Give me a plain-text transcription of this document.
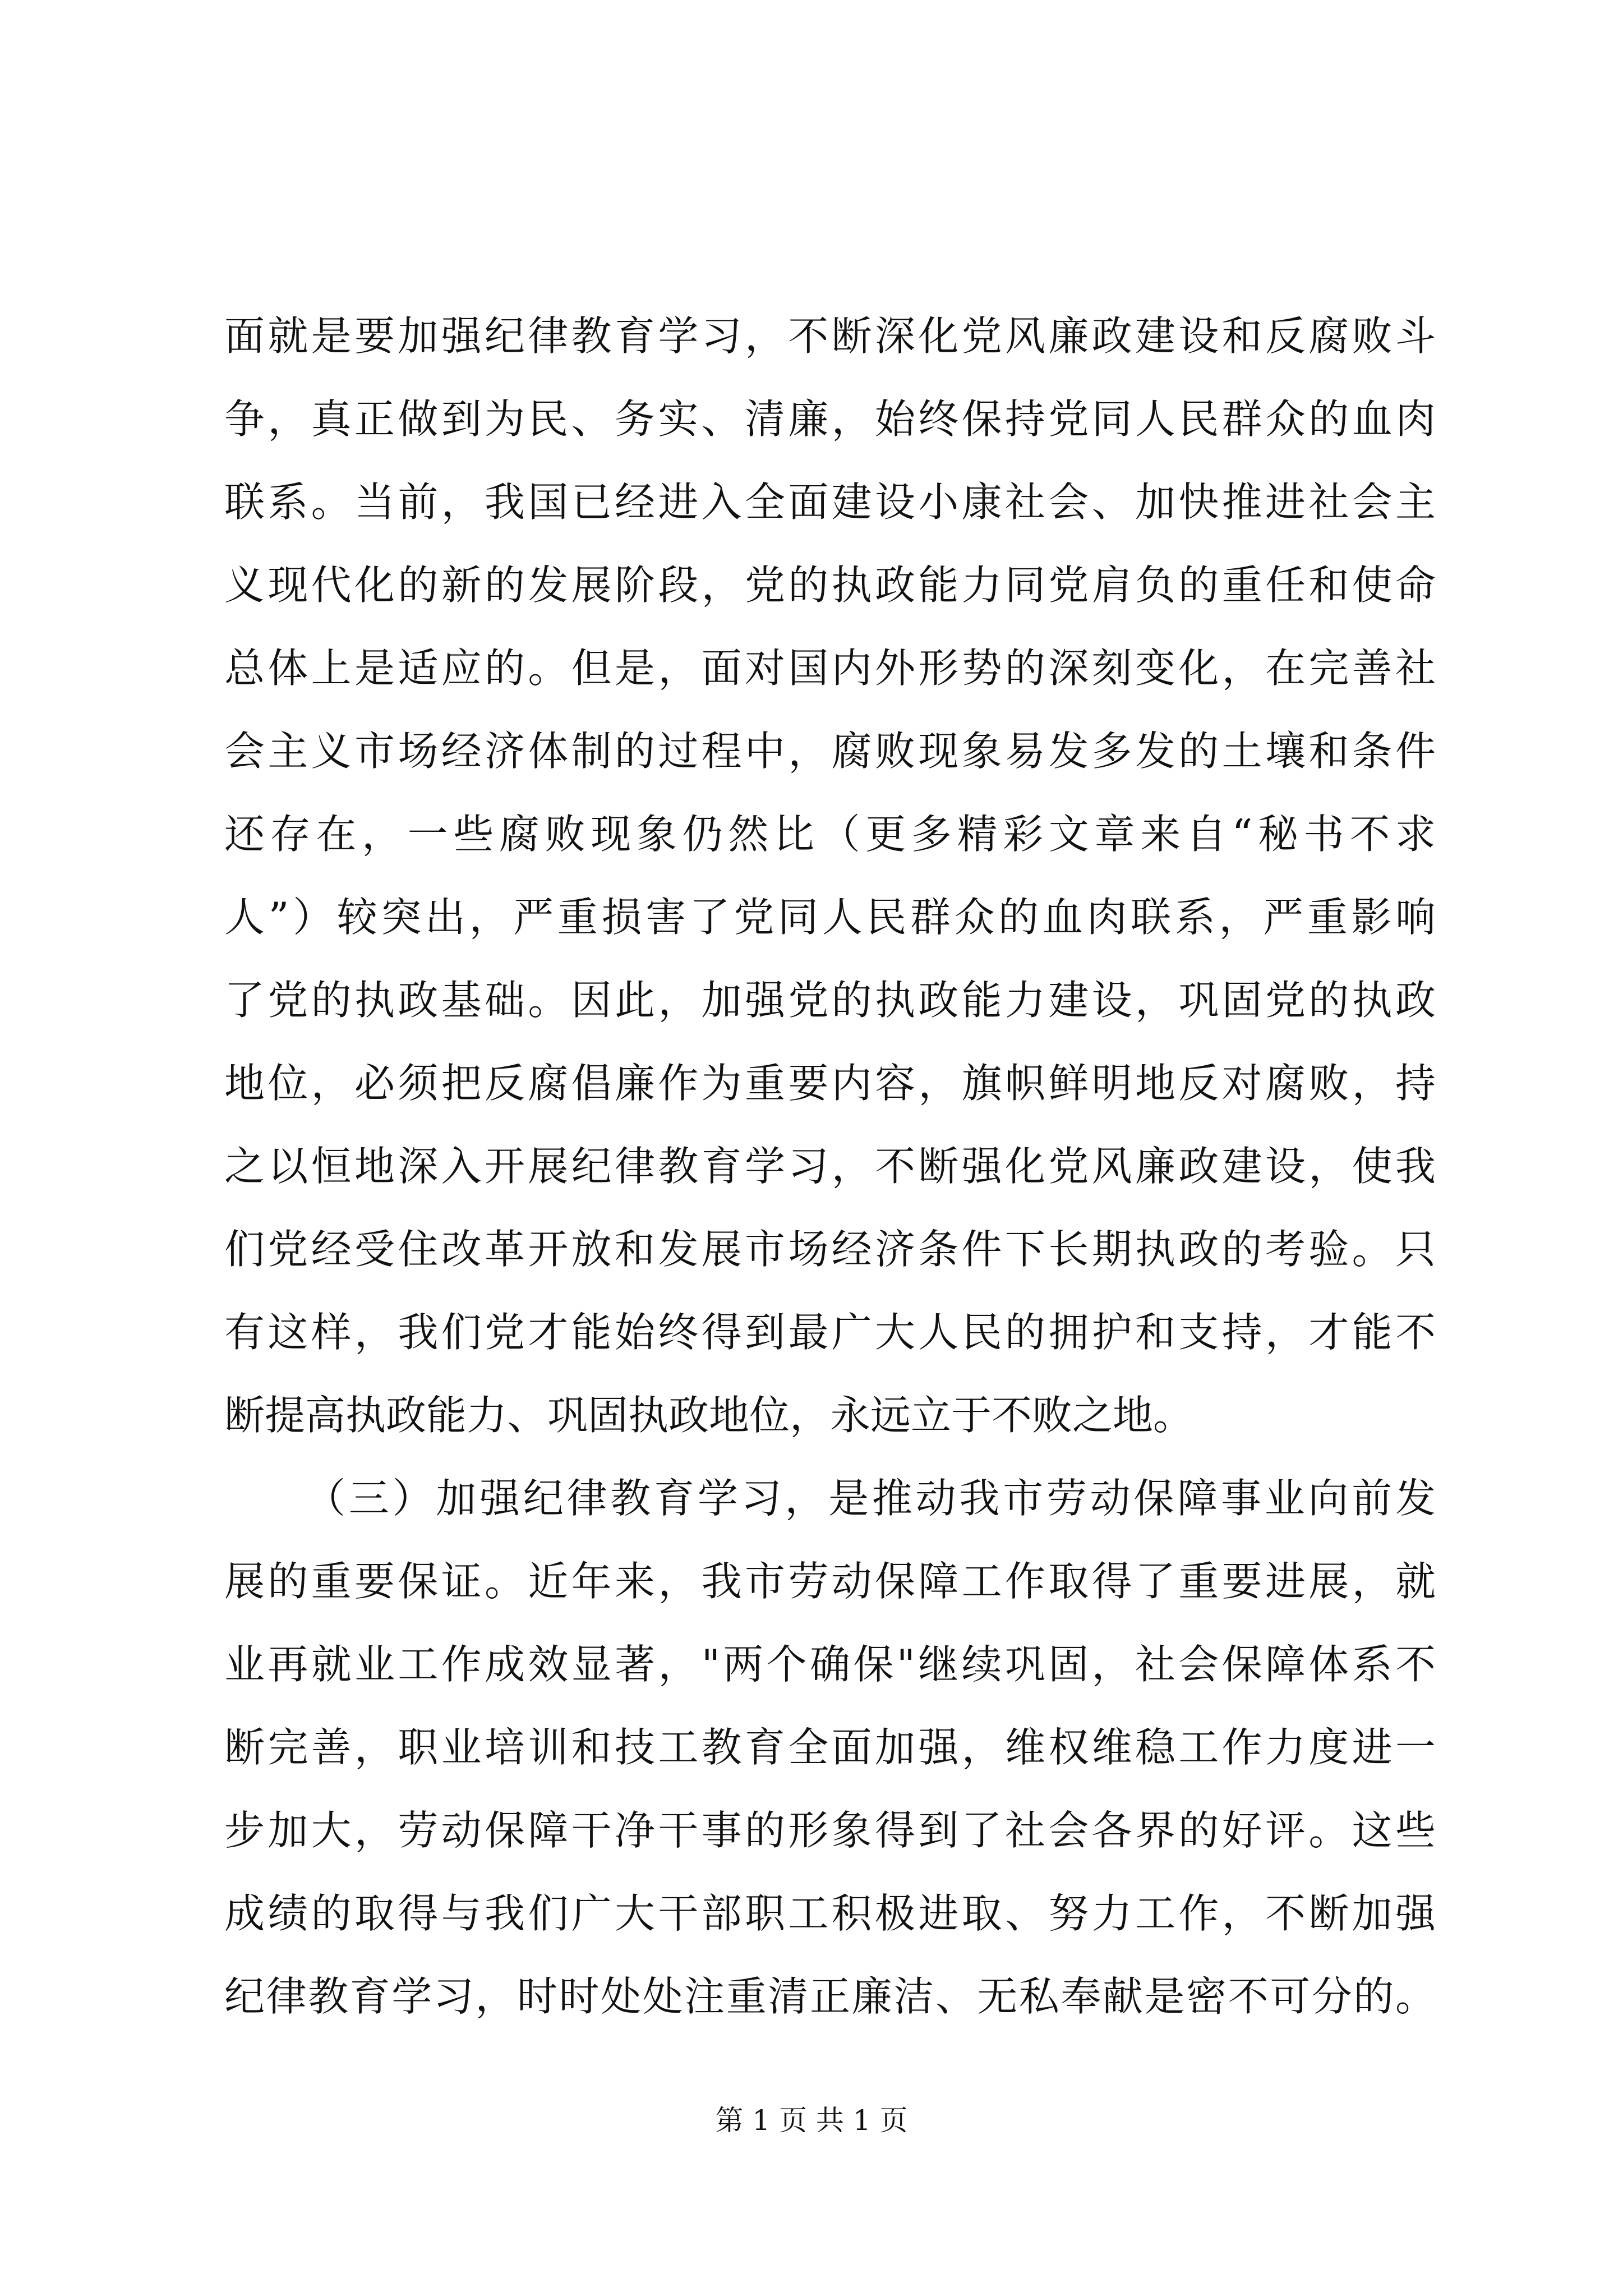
面就是要加强纪律教育学习，不断深化党风廉政建设和反腐败斗
争，真正做到为民、务实、清廉，始终保持党同人民群众的血肉
联系。当前，我国已经进入全面建设小康社会、加快推进社会主
义现代化的新的发展阶段，党的执政能力同党肩负的重任和使命
总体上是适应的。但是，面对国内外形势的深刻变化，在完善社
会主义市场经济体制的过程中，腐败现象易发多发的土壤和条件
还存在，一些腐败现象仍然比（更多精彩文章来自“秘书不求
人”）较突出，严重损害了党同人民群众的血肉联系，严重影响
了党的执政基础。因此，加强党的执政能力建设，巩固党的执政
地位，必须把反腐倡廉作为重要内容，旗帜鲜明地反对腐败，持
之以恒地深入开展纪律教育学习，不断强化党风廉政建设，使我
们党经受住改革开放和发展市场经济条件下长期执政的考验。只
有这样，我们党才能始终得到最广大人民的拥护和支持，才能不
断提高执政能力、巩固执政地位，永远立于不败之地。
（三）加强纪律教育学习，是推动我市劳动保障事业向前发
展的重要保证。近年来，我市劳动保障工作取得了重要进展，就
业再就业工作成效显著，"两个确保"继续巩固，社会保障体系不
断完善，职业培训和技工教育全面加强，维权维稳工作力度进一
步加大，劳动保障干净干事的形象得到了社会各界的好评。这些
成绩的取得与我们广大干部职工积极进取、努力工作，不断加强
纪律教育学习，时时处处注重清正廉洁、无私奉献是密不可分的。
第 1 页 共 1 页
